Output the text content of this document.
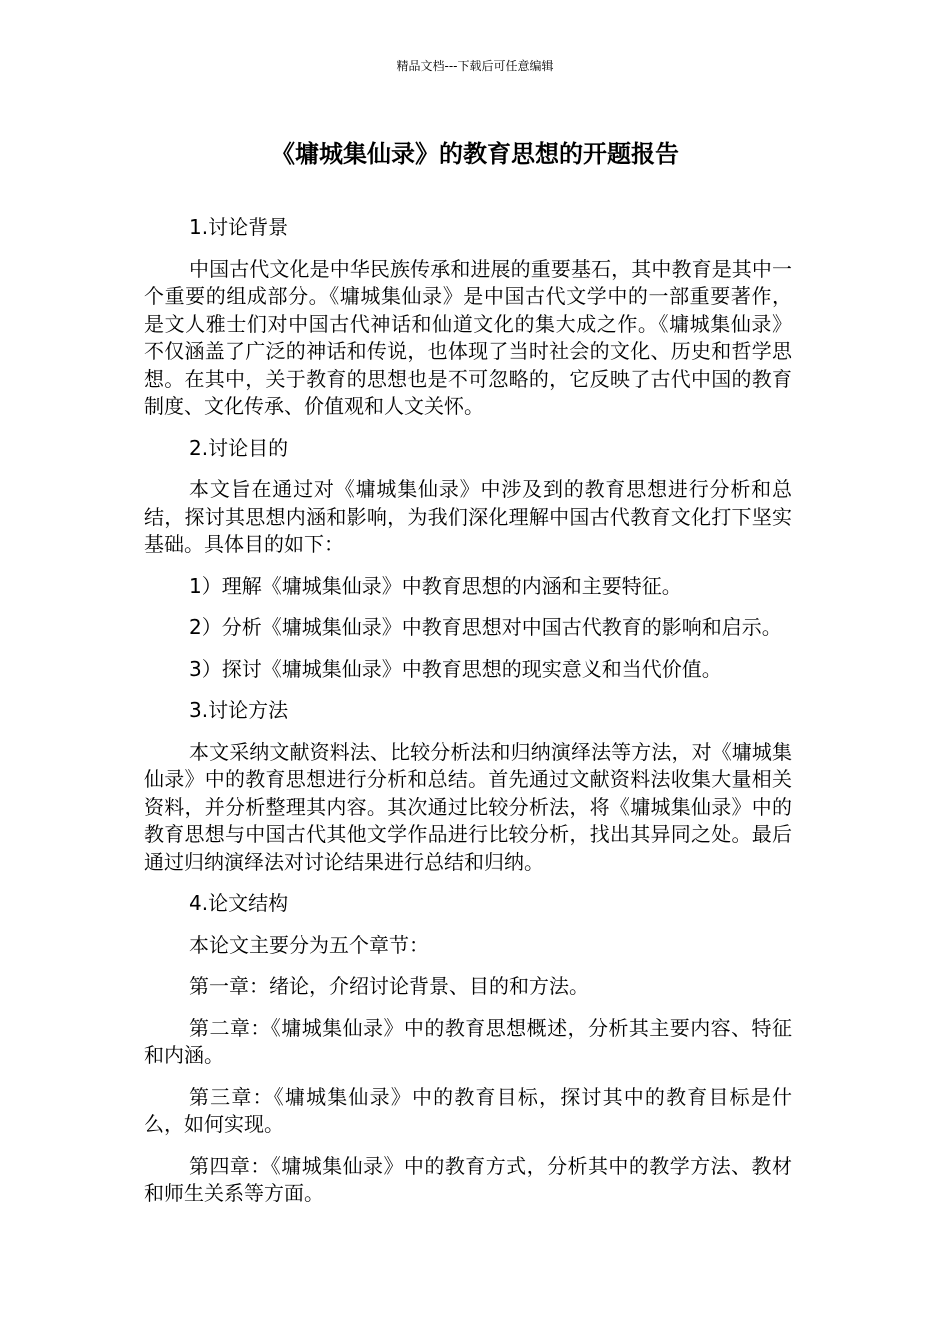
精品文档---下载后可任意编辑
《墉城集仙录》的教育思想的开题报告

1.讨论背景

中国古代文化是中华民族传承和进展的重要基石，其中教育是其中一个重要的组成部分。《墉城集仙录》是中国古代文学中的一部重要著作，是文人雅士们对中国古代神话和仙道文化的集大成之作。《墉城集仙录》不仅涵盖了广泛的神话和传说，也体现了当时社会的文化、历史和哲学思想。在其中，关于教育的思想也是不可忽略的，它反映了古代中国的教育制度、文化传承、价值观和人文关怀。

2.讨论目的

本文旨在通过对《墉城集仙录》中涉及到的教育思想进行分析和总结，探讨其思想内涵和影响，为我们深化理解中国古代教育文化打下坚实基础。具体目的如下：

1）理解《墉城集仙录》中教育思想的内涵和主要特征。

2）分析《墉城集仙录》中教育思想对中国古代教育的影响和启示。

3）探讨《墉城集仙录》中教育思想的现实意义和当代价值。

3.讨论方法

本文采纳文献资料法、比较分析法和归纳演绎法等方法，对《墉城集仙录》中的教育思想进行分析和总结。首先通过文献资料法收集大量相关资料，并分析整理其内容。其次通过比较分析法，将《墉城集仙录》中的教育思想与中国古代其他文学作品进行比较分析，找出其异同之处。最后通过归纳演绎法对讨论结果进行总结和归纳。

4.论文结构

本论文主要分为五个章节：

第一章：绪论，介绍讨论背景、目的和方法。

第二章：《墉城集仙录》中的教育思想概述，分析其主要内容、特征和内涵。

第三章：《墉城集仙录》中的教育目标，探讨其中的教育目标是什么，如何实现。

第四章：《墉城集仙录》中的教育方式，分析其中的教学方法、教材和师生关系等方面。
